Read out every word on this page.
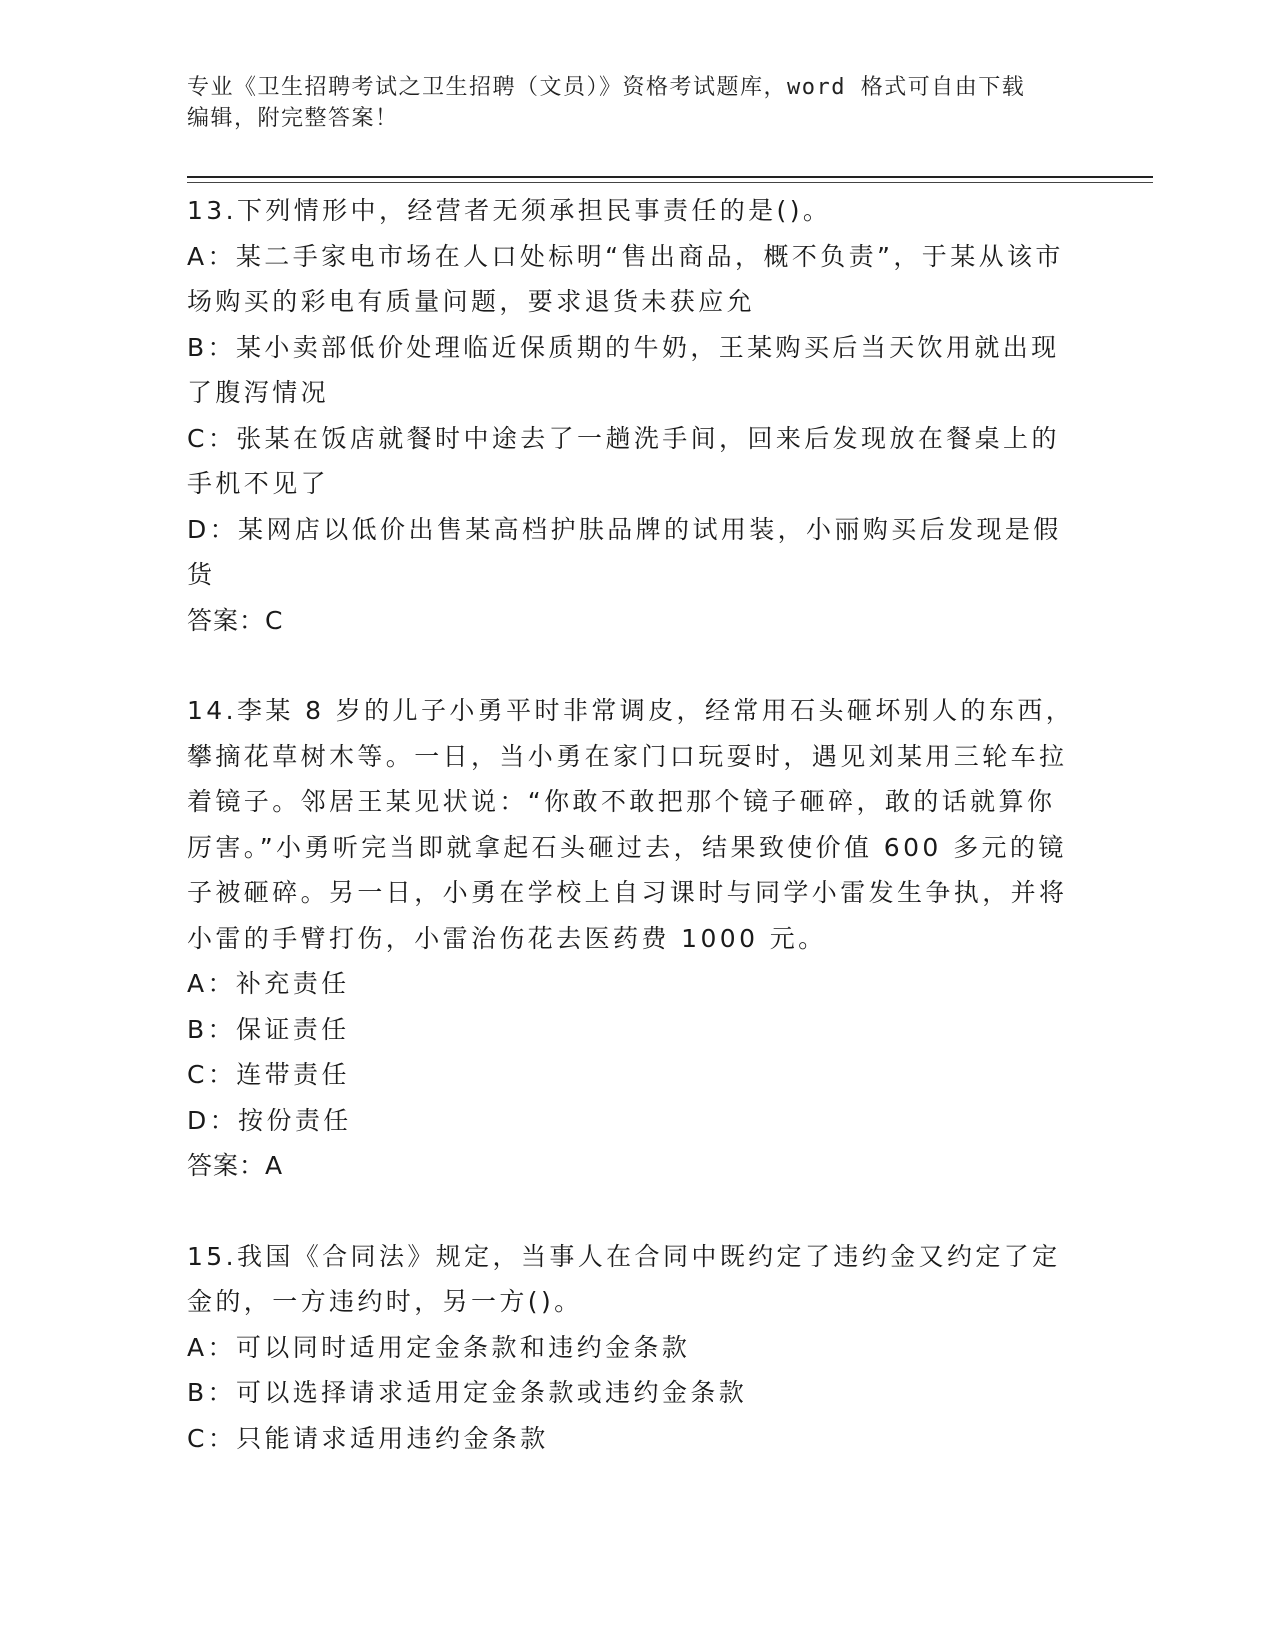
专业《卫生招聘考试之卫生招聘（文员）》资格考试题库，word 格式可自由下载
编辑，附完整答案！

13.下列情形中，经营者无须承担民事责任的是()。

A：某二手家电市场在人口处标明“售出商品，概不负责”，于某从该市场购买的彩电有质量问题，要求退货未获应允

B：某小卖部低价处理临近保质期的牛奶，王某购买后当天饮用就出现了腹泻情况

C：张某在饭店就餐时中途去了一趟洗手间，回来后发现放在餐桌上的手机不见了

D：某网店以低价出售某高档护肤品牌的试用装，小丽购买后发现是假货

答案：C

14.李某 8 岁的儿子小勇平时非常调皮，经常用石头砸坏别人的东西，攀摘花草树木等。一日，当小勇在家门口玩耍时，遇见刘某用三轮车拉着镜子。邻居王某见状说：“你敢不敢把那个镜子砸碎，敢的话就算你厉害。”小勇听完当即就拿起石头砸过去，结果致使价值 600 多元的镜子被砸碎。另一日，小勇在学校上自习课时与同学小雷发生争执，并将小雷的手臂打伤，小雷治伤花去医药费 1000 元。

A：补充责任

B：保证责任

C：连带责任

D：按份责任

答案：A

15.我国《合同法》规定，当事人在合同中既约定了违约金又约定了定金的，一方违约时，另一方()。

A：可以同时适用定金条款和违约金条款

B：可以选择请求适用定金条款或违约金条款

C：只能请求适用违约金条款
